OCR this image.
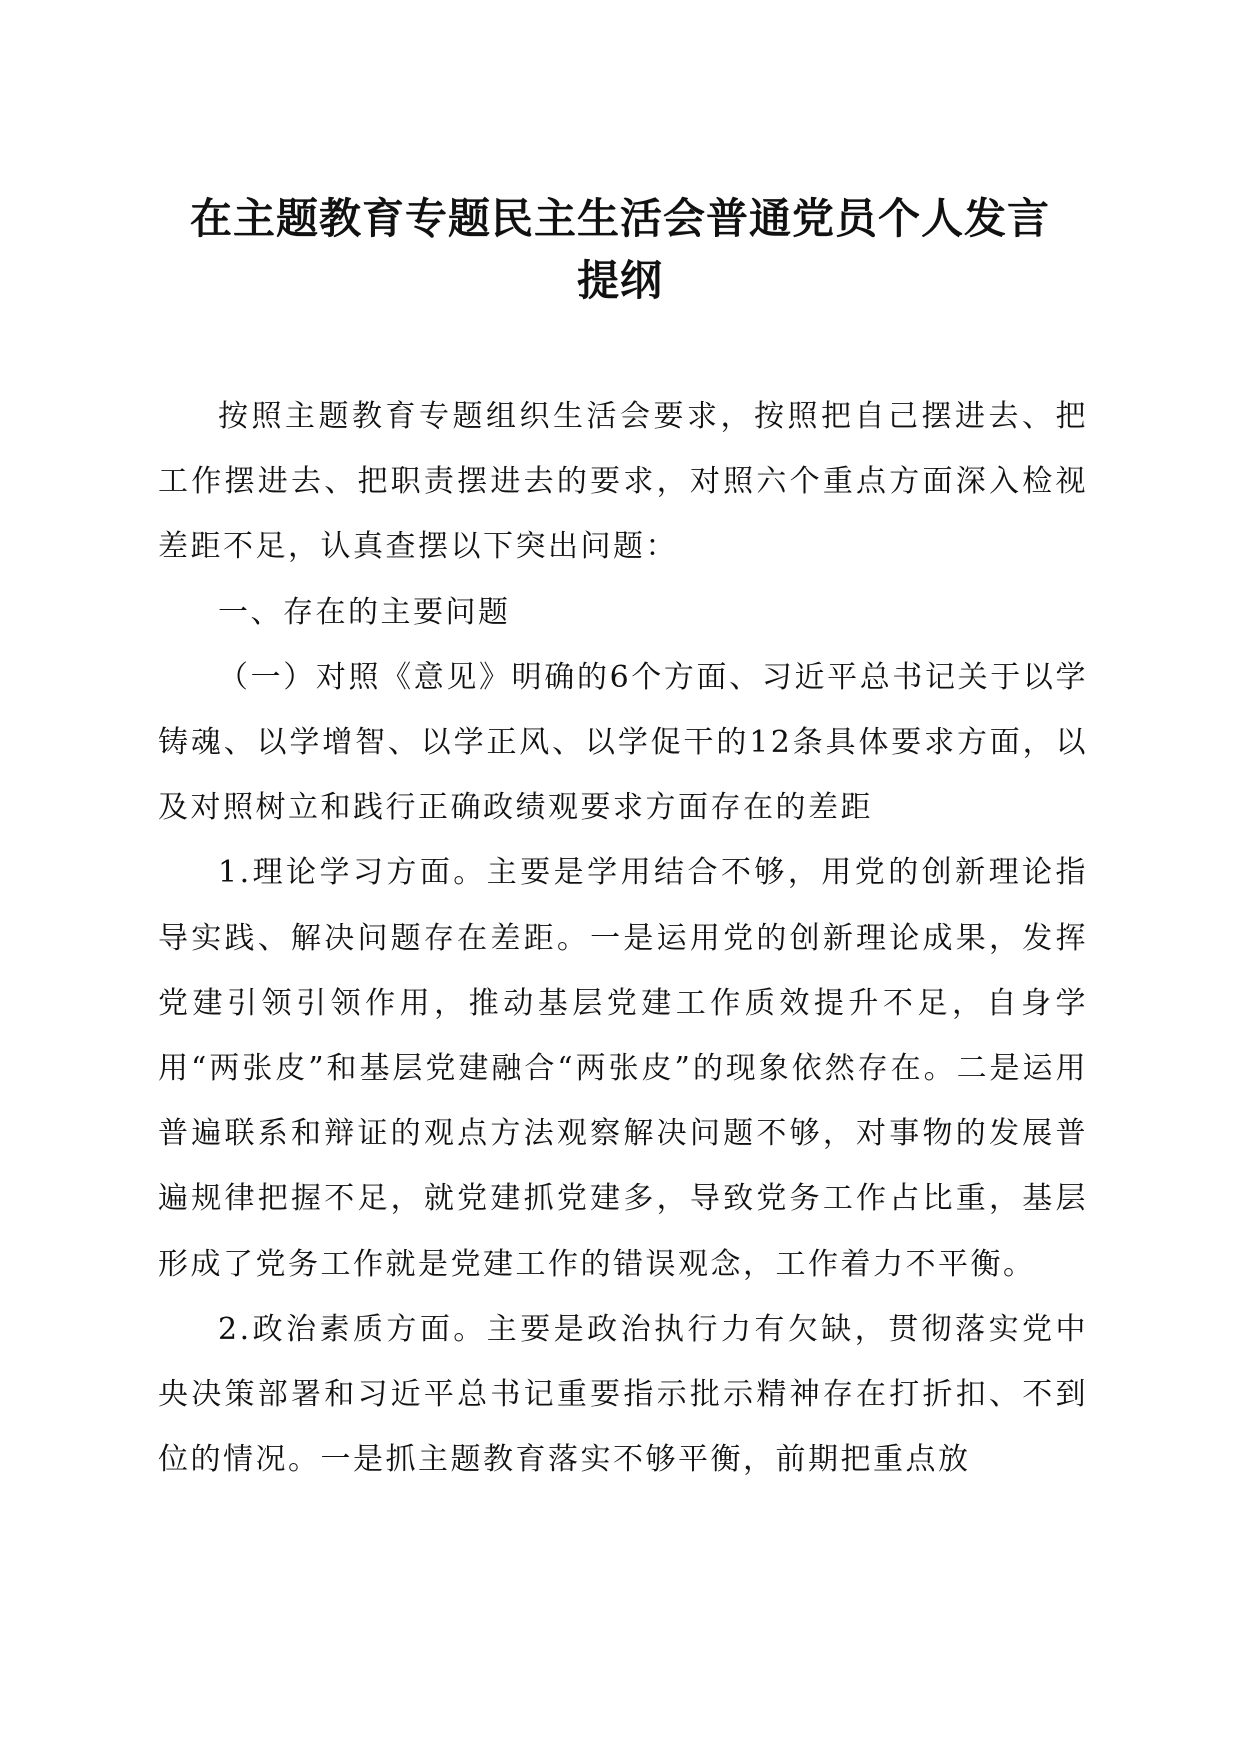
在主题教育专题民主生活会普通党员个人发言
提纲

按照主题教育专题组织生活会要求，按照把自己摆进去、把工作摆进去、把职责摆进去的要求，对照六个重点方面深入检视差距不足，认真查摆以下突出问题：

一、存在的主要问题

（一）对照《意见》明确的6个方面、习近平总书记关于以学铸魂、以学增智、以学正风、以学促干的12条具体要求方面，以及对照树立和践行正确政绩观要求方面存在的差距

1.理论学习方面。主要是学用结合不够，用党的创新理论指导实践、解决问题存在差距。一是运用党的创新理论成果，发挥党建引领引领作用，推动基层党建工作质效提升不足，自身学用“两张皮”和基层党建融合“两张皮”的现象依然存在。二是运用普遍联系和辩证的观点方法观察解决问题不够，对事物的发展普遍规律把握不足，就党建抓党建多，导致党务工作占比重，基层形成了党务工作就是党建工作的错误观念，工作着力不平衡。

2.政治素质方面。主要是政治执行力有欠缺，贯彻落实党中央决策部署和习近平总书记重要指示批示精神存在打折扣、不到位的情况。一是抓主题教育落实不够平衡，前期把重点放
